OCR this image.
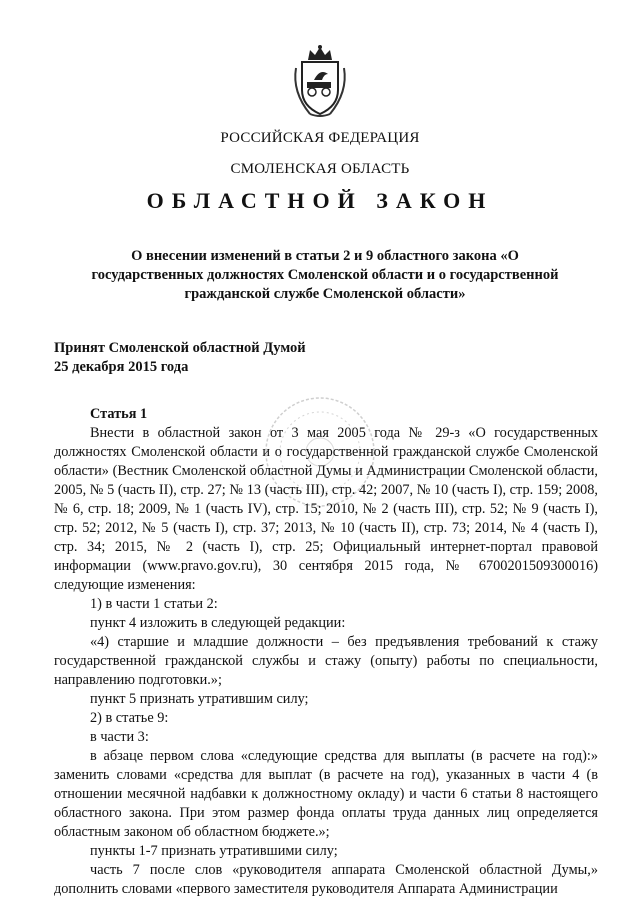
РОССИЙСКАЯ ФЕДЕРАЦИЯ
СМОЛЕНСКАЯ ОБЛАСТЬ
ОБЛАСТНОЙ ЗАКОН
О внесении изменений в статьи 2 и 9 областного закона «О государственных должностях Смоленской области и о государственной гражданской службе Смоленской области»
Принят Смоленской областной Думой
25 декабря 2015 года

Статья 1

Внести в областной закон от 3 мая 2005 года № 29-з «О государственных должностях Смоленской области и о государственной гражданской службе Смоленской области» (Вестник Смоленской областной Думы и Администрации Смоленской области, 2005, № 5 (часть II), стр. 27; № 13 (часть III), стр. 42; 2007, № 10 (часть I), стр. 159; 2008, № 6, стр. 18; 2009, № 1 (часть IV), стр. 15; 2010, № 2 (часть III), стр. 52; № 9 (часть I), стр. 52; 2012, № 5 (часть I), стр. 37; 2013, № 10 (часть II), стр. 73; 2014, № 4 (часть I), стр. 34; 2015, № 2 (часть I), стр. 25; Официальный интернет-портал правовой информации (www.pravo.gov.ru), 30 сентября 2015 года, № 6700201509300016) следующие изменения:

1) в части 1 статьи 2:

пункт 4 изложить в следующей редакции:

«4) старшие и младшие должности – без предъявления требований к стажу государственной гражданской службы и стажу (опыту) работы по специальности, направлению подготовки.»;

пункт 5 признать утратившим силу;

2) в статье 9:

в части 3:

в абзаце первом слова «следующие средства для выплаты (в расчете на год):» заменить словами «средства для выплат (в расчете на год), указанных в части 4 (в отношении месячной надбавки к должностному окладу) и части 6 статьи 8 настоящего областного закона. При этом размер фонда оплаты труда данных лиц определяется областным законом об областном бюджете.»;

пункты 1-7 признать утратившими силу;

часть 7 после слов «руководителя аппарата Смоленской областной Думы,» дополнить словами «первого заместителя руководителя Аппарата Администрации
